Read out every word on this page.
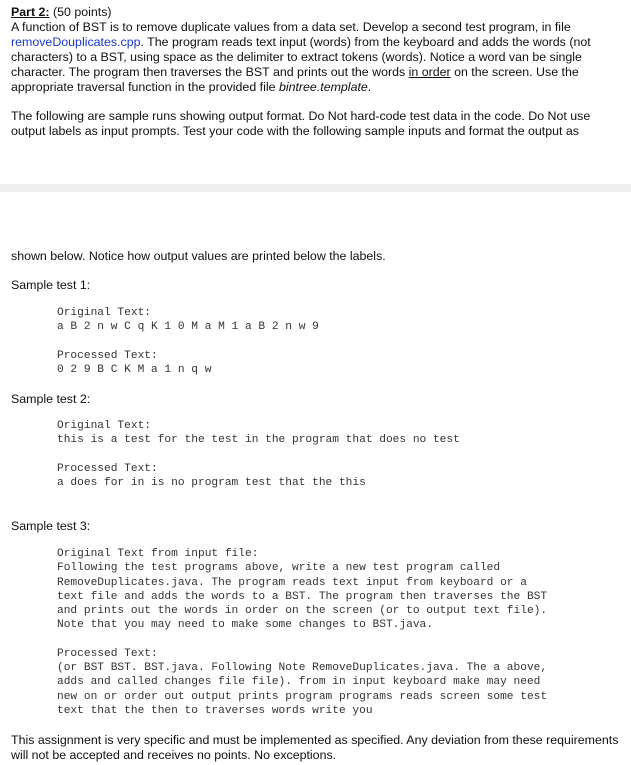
Part 2: (50 points)
A function of BST is to remove duplicate values from a data set. Develop a second test program, in file removeDouplicates.cpp. The program reads text input (words) from the keyboard and adds the words (not characters) to a BST, using space as the delimiter to extract tokens (words). Notice a word van be single character. The program then traverses the BST and prints out the words in order on the screen. Use the appropriate traversal function in the provided file bintree.template.

The following are sample runs showing output format. Do Not hard-code test data in the code. Do Not use output labels as input prompts. Test your code with the following sample inputs and format the output as

shown below. Notice how output values are printed below the labels.

Sample test 1:
Original Text:
a B 2 n w C q K 1 0 M a M 1 a B 2 n w 9
Processed Text:
0 2 9 B C K M a 1 n q w
Sample test 2:
Original Text:
this is a test for the test in the program that does no test
Processed Text:
a does for in is no program test that the this
Sample test 3:
Original Text from input file:
Following the test programs above, write a new test program called
RemoveDuplicates.java. The program reads text input from keyboard or a
text file and adds the words to a BST. The program then traverses the BST
and prints out the words in order on the screen (or to output text file).
Note that you may need to make some changes to BST.java.
Processed Text:
(or BST BST. BST.java. Following Note RemoveDuplicates.java. The a above,
adds and called changes file file). from in input keyboard make may need
new on or order out output prints program programs reads screen some test
text that the then to traverses words write you

This assignment is very specific and must be implemented as specified. Any deviation from these requirements will not be accepted and receives no points. No exceptions.
